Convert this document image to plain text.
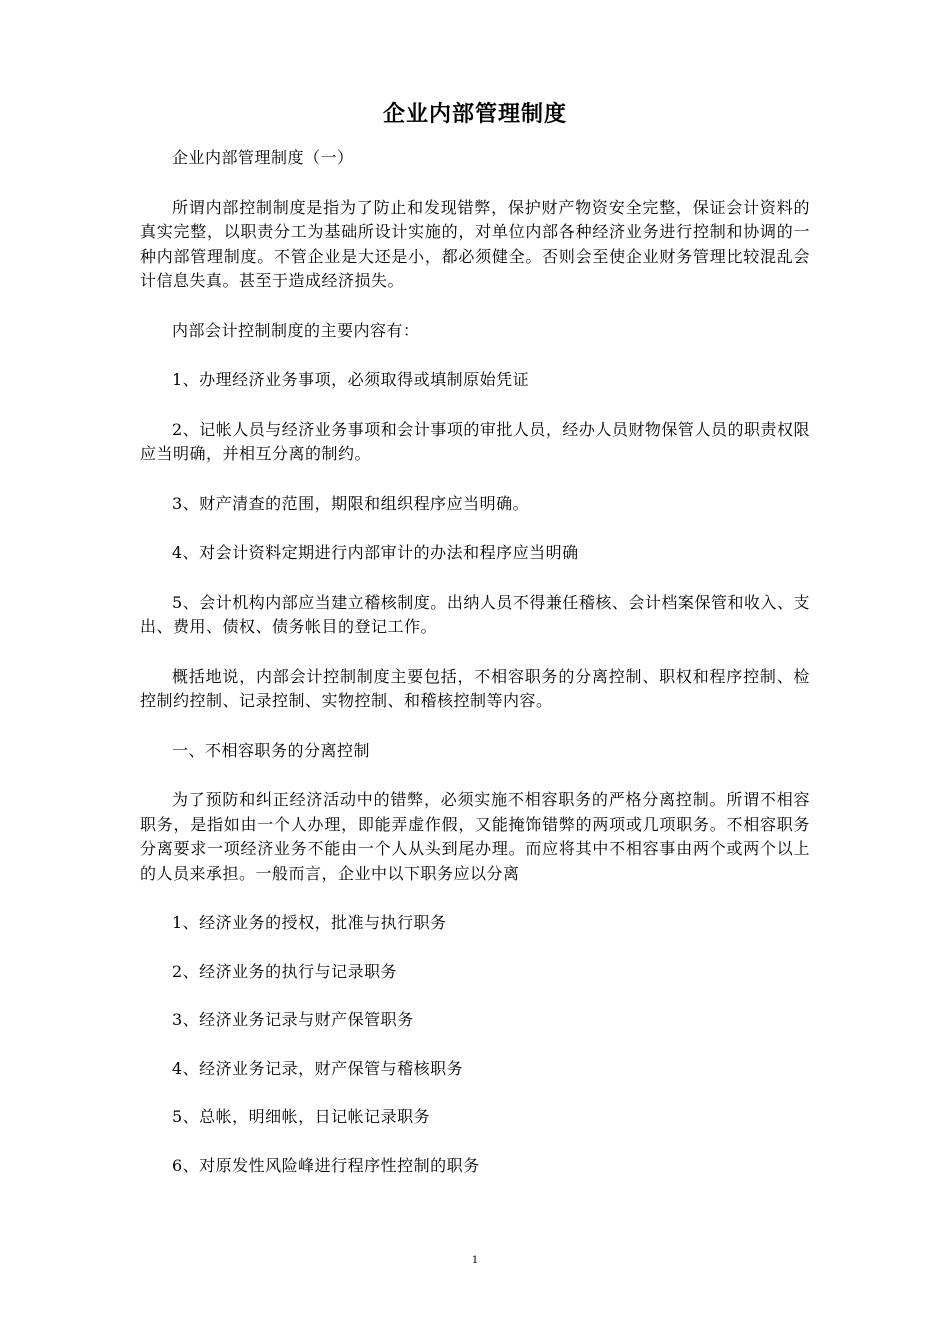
企业内部管理制度

企业内部管理制度（一）

所谓内部控制制度是指为了防止和发现错弊，保护财产物资安全完整，保证会计资料的真实完整，以职责分工为基础所设计实施的，对单位内部各种经济业务进行控制和协调的一种内部管理制度。不管企业是大还是小，都必须健全。否则会至使企业财务管理比较混乱会计信息失真。甚至于造成经济损失。

内部会计控制制度的主要内容有：

1、办理经济业务事项，必须取得或填制原始凭证

2、记帐人员与经济业务事项和会计事项的审批人员，经办人员财物保管人员的职责权限应当明确，并相互分离的制约。

3、财产清查的范围，期限和组织程序应当明确。

4、对会计资料定期进行内部审计的办法和程序应当明确

5、会计机构内部应当建立稽核制度。出纳人员不得兼任稽核、会计档案保管和收入、支出、费用、债权、债务帐目的登记工作。

概括地说，内部会计控制制度主要包括，不相容职务的分离控制、职权和程序控制、检控制约控制、记录控制、实物控制、和稽核控制等内容。

一、不相容职务的分离控制

为了预防和纠正经济活动中的错弊，必须实施不相容职务的严格分离控制。所谓不相容职务，是指如由一个人办理，即能弄虚作假，又能掩饰错弊的两项或几项职务。不相容职务分离要求一项经济业务不能由一个人从头到尾办理。而应将其中不相容事由两个或两个以上的人员来承担。一般而言，企业中以下职务应以分离

1、经济业务的授权，批准与执行职务

2、经济业务的执行与记录职务

3、经济业务记录与财产保管职务

4、经济业务记录，财产保管与稽核职务

5、总帐，明细帐，日记帐记录职务

6、对原发性风险峰进行程序性控制的职务

1
